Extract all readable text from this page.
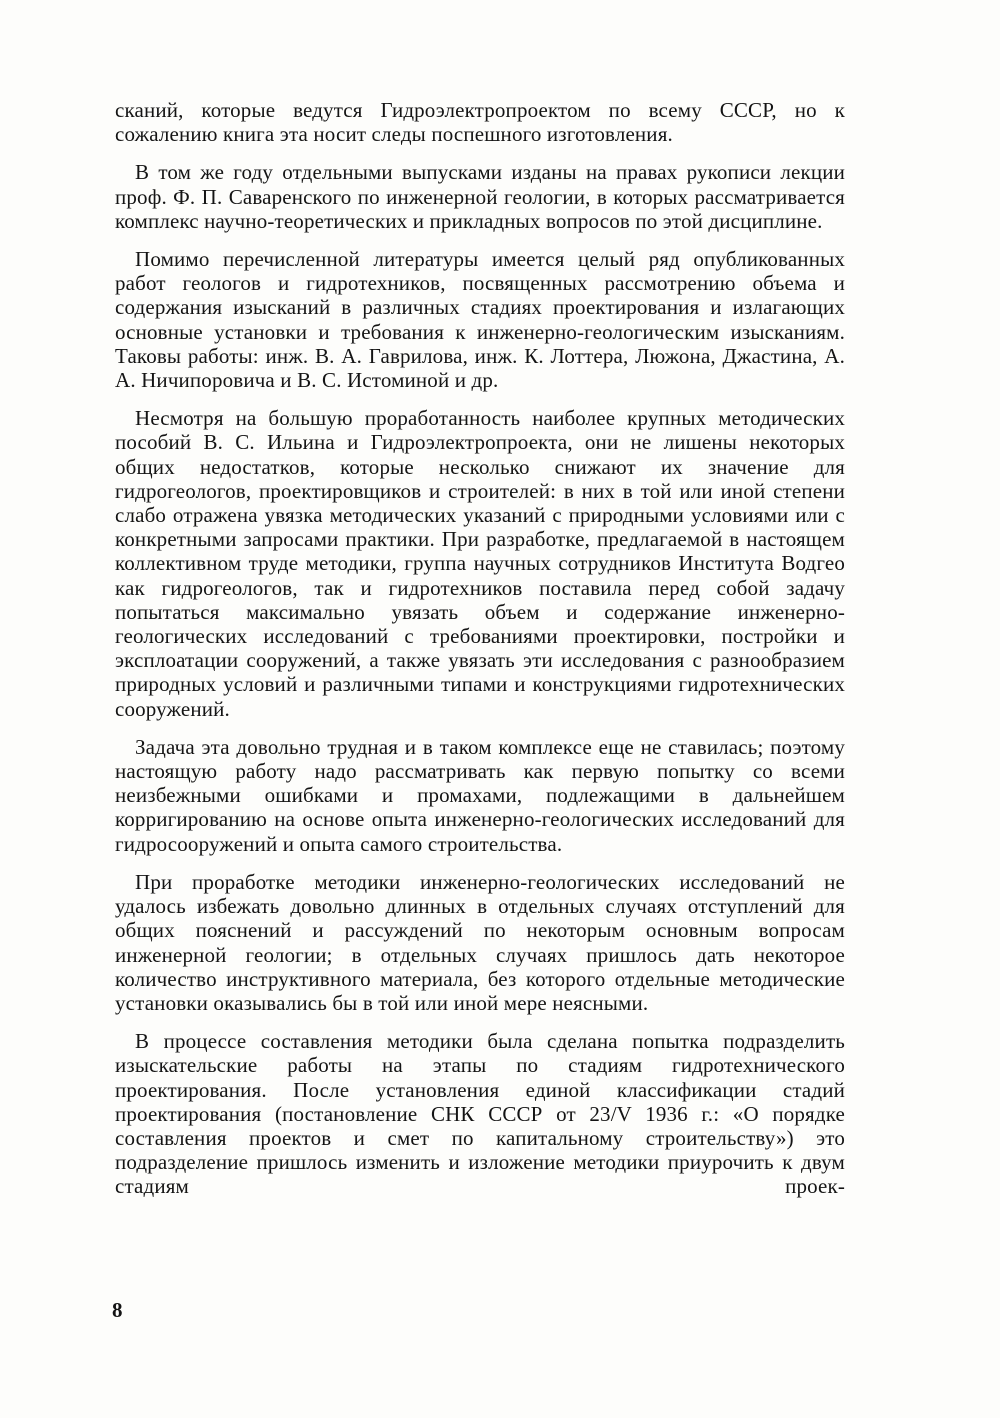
сканий, которые ведутся Гидроэлектропроектом по всему СССР, но к сожалению книга эта носит следы поспешного изготовления.

В том же году отдельными выпусками изданы на правах рукописи лекции проф. Ф. П. Саваренского по инженерной геологии, в которых рассматривается комплекс научно-теоретических и прикладных вопросов по этой дисциплине.

Помимо перечисленной литературы имеется целый ряд опубликованных работ геологов и гидротехников, посвященных рассмотрению объема и содержания изысканий в различных стадиях проектирования и излагающих основные установки и требования к инженерно-геологическим изысканиям. Таковы работы: инж. В. А. Гаврилова, инж. К. Лоттера, Люжона, Джастина, А. А. Ничипоровича и В. С. Истоминой и др.

Несмотря на большую проработанность наиболее крупных методических пособий В. С. Ильина и Гидроэлектропроекта, они не лишены некоторых общих недостатков, которые несколько снижают их значение для гидрогеологов, проектировщиков и строителей: в них в той или иной степени слабо отражена увязка методических указаний с природными условиями или с конкретными запросами практики. При разработке, предлагаемой в настоящем коллективном труде методики, группа научных сотрудников Института Водгео как гидрогеологов, так и гидротехников поставила перед собой задачу попытаться максимально увязать объем и содержание инженерно-геологических исследований с требованиями проектировки, постройки и эксплоатации сооружений, а также увязать эти исследования с разнообразием природных условий и различными типами и конструкциями гидротехнических сооружений.

Задача эта довольно трудная и в таком комплексе еще не ставилась; поэтому настоящую работу надо рассматривать как первую попытку со всеми неизбежными ошибками и промахами, подлежащими в дальнейшем корригированию на основе опыта инженерно-геологических исследований для гидросооружений и опыта самого строительства.

При проработке методики инженерно-геологических исследований не удалось избежать довольно длинных в отдельных случаях отступлений для общих пояснений и рассуждений по некоторым основным вопросам инженерной геологии; в отдельных случаях пришлось дать некоторое количество инструктивного материала, без которого отдельные методические установки оказывались бы в той или иной мере неясными.

В процессе составления методики была сделана попытка подразделить изыскательские работы на этапы по стадиям гидротехнического проектирования. После установления единой классификации стадий проектирования (постановление СНК СССР от 23/V 1936 г.: «О порядке составления проектов и смет по капитальному строительству») это подразделение пришлось изменить и изложение методики приурочить к двум стадиям проек-

8
